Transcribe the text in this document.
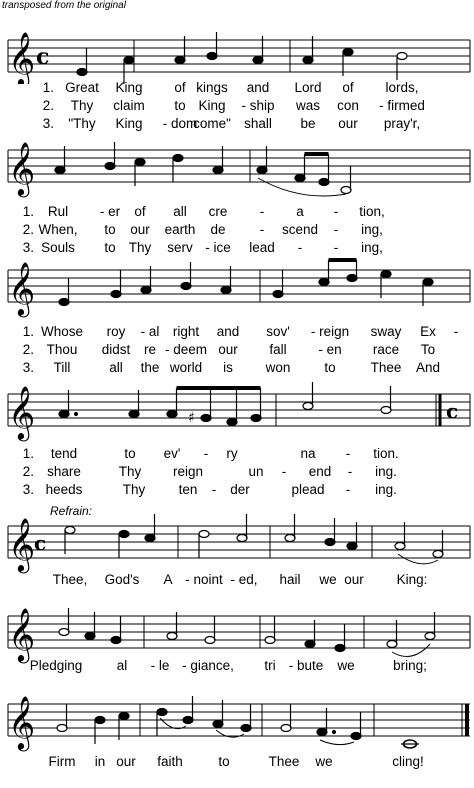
transposed from the original
𝄞 c
1. Great King of kings and Lord of lords,
2. Thy claim to King - ship was con - firmed
3. "Thy King - dom
come" shall be our pray'r,
𝄞
1. Rul - er of all cre - a - tion,
2. When, to our earth de	- scend - ing,
3. Souls to Thy serv - ice lead - - ing,
𝄞
1. Whose roy - al right and sov' - reign sway Ex -
2. Thou didst re - deem our fall - en race To
3. Till	all the world is won	to	Thee And
𝄞	c
♯
1. tend	to ev' - ry	na - tion.
2. share	Thy reign	un - end - ing.
3. heeds	Thy ten - der	plead - ing.
Refrain:
𝄞
c
Thee, God's A - noint - ed, hail we our King:
𝄞
Pledging	al - le - giance, tri - bute we	bring;
𝄞
Firm in our faith	to	Thee we	cling!
